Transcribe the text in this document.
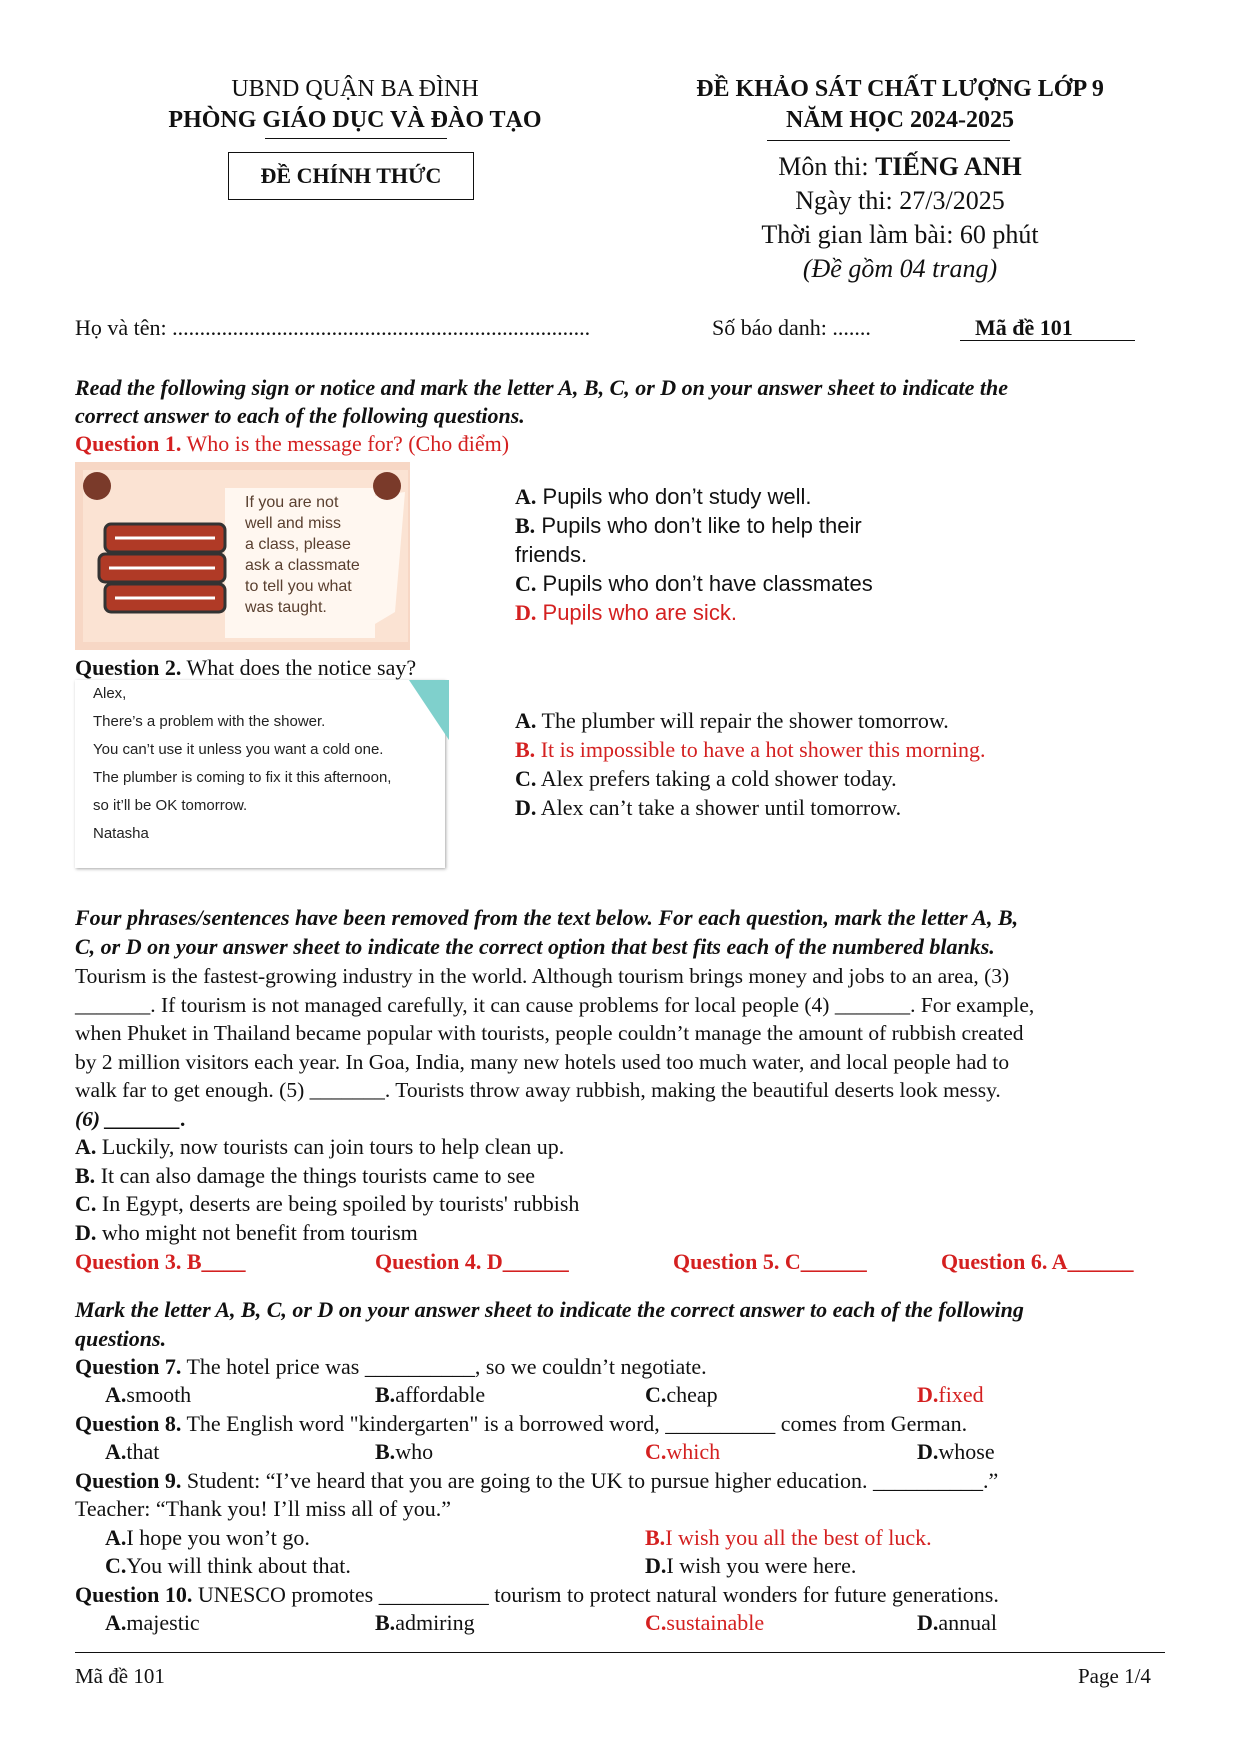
UBND QUẬN BA ĐÌNH
PHÒNG GIÁO DỤC VÀ ĐÀO TẠO
ĐỀ CHÍNH THỨC
ĐỀ KHẢO SÁT CHẤT LƯỢNG LỚP 9
NĂM HỌC 2024-2025
Môn thi: TIẾNG ANH
Ngày thi: 27/3/2025
Thời gian làm bài: 60 phút
(Đề gồm 04 trang)
Họ và tên: ............................................................................	Số báo danh: .......	Mã đề 101
Read the following sign or notice and mark the letter A, B, C, or D on your answer sheet to indicate the
correct answer to each of the following questions.
Question 1. Who is the message for? (Cho điểm)
If you are not
well and miss
a class, please
ask a classmate
to tell you what
was taught.
A. Pupils who don’t study well.
B. Pupils who don’t like to help their
friends.
C. Pupils who don’t have classmates
D. Pupils who are sick.
Question 2. What does the notice say?
Alex,
There’s a problem with the shower.
You can’t use it unless you want a cold one.
The plumber is coming to fix it this afternoon,
so it’ll be OK tomorrow.
Natasha
A. The plumber will repair the shower tomorrow.
B. It is impossible to have a hot shower this morning.
C. Alex prefers taking a cold shower today.
D. Alex can’t take a shower until tomorrow.
Four phrases/sentences have been removed from the text below. For each question, mark the letter A, B,
C, or D on your answer sheet to indicate the correct option that best fits each of the numbered blanks.
Tourism is the fastest-growing industry in the world. Although tourism brings money and jobs to an area, (3)
_______. If tourism is not managed carefully, it can cause problems for local people (4) _______. For example,
when Phuket in Thailand became popular with tourists, people couldn’t manage the amount of rubbish created
by 2 million visitors each year. In Goa, India, many new hotels used too much water, and local people had to
walk far to get enough. (5) _______. Tourists throw away rubbish, making the beautiful deserts look messy.
(6) _______.
A. Luckily, now tourists can join tours to help clean up.
B. It can also damage the things tourists came to see
C. In Egypt, deserts are being spoiled by tourists' rubbish
D. who might not benefit from tourism
Question 3. B____	Question 4. D______	Question 5. C______	Question 6. A______
Mark the letter A, B, C, or D on your answer sheet to indicate the correct answer to each of the following
questions.
Question 7. The hotel price was __________, so we couldn’t negotiate.
A. smooth	B. affordable	C. cheap	D. fixed
Question 8. The English word "kindergarten" is a borrowed word, __________ comes from German.
A. that	B. who	C. which	D. whose
Question 9. Student: “I’ve heard that you are going to the UK to pursue higher education. __________.”
Teacher: “Thank you! I’ll miss all of you.”
A. I hope you won’t go.	B. I wish you all the best of luck.
C. You will think about that.	D. I wish you were here.
Question 10. UNESCO promotes __________ tourism to protect natural wonders for future generations.
A. majestic	B. admiring	C. sustainable	D. annual
Mã đề 101	Page 1/4
